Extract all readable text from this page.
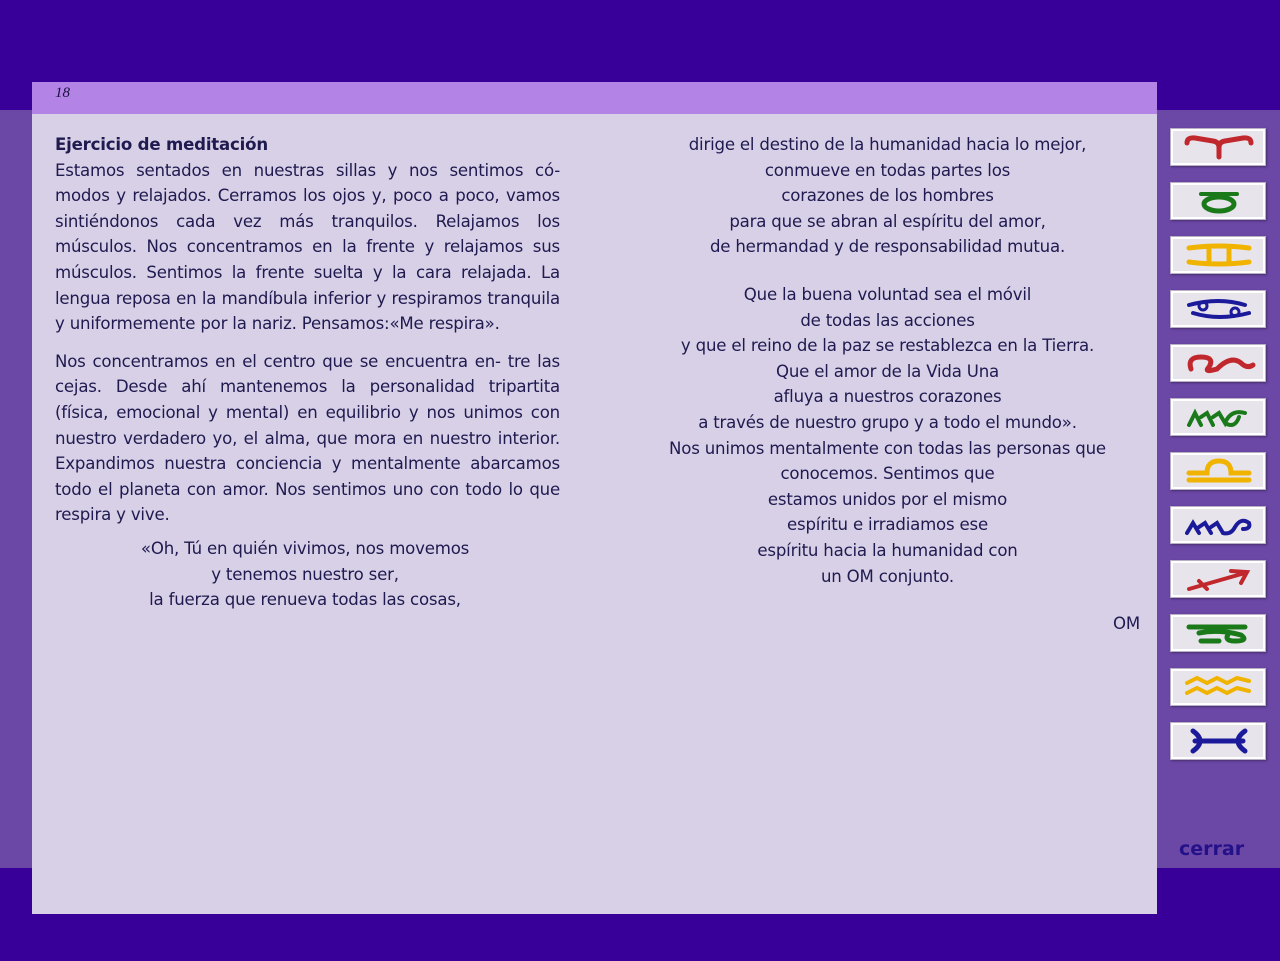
18
Ejercicio de meditación

Estamos sentados en nuestras sillas y nos sentimos có- modos y relajados. Cerramos los ojos y, poco a poco, vamos sintiéndonos cada vez más tranquilos. Relajamos los músculos. Nos concentramos en la frente y relajamos sus músculos. Sentimos la frente suelta y la cara relajada. La lengua reposa en la mandíbula inferior y respiramos tranquila y uniformemente por la nariz. Pensamos:«Me respira».

Nos concentramos en el centro que se encuentra en- tre las cejas. Desde ahí mantenemos la personalidad tripartita (física, emocional y mental) en equilibrio y nos unimos con nuestro verdadero yo, el alma, que mora en nuestro interior. Expandimos nuestra conciencia y mentalmente abarcamos todo el planeta con amor. Nos sentimos uno con todo lo que respira y vive.

«Oh, Tú en quién vivimos, nos movemos
y tenemos nuestro ser,
la fuerza que renueva todas las cosas,
dirige el destino de la humanidad hacia lo mejor,
conmueve en todas partes los
corazones de los hombres
para que se abran al espíritu del amor,
de hermandad y de responsabilidad mutua.
Que la buena voluntad sea el móvil
de todas las acciones
y que el reino de la paz se restablezca en la Tierra.
Que el amor de la Vida Una
afluya a nuestros corazones
a través de nuestro grupo y a todo el mundo».
Nos unimos mentalmente con todas las personas que
conocemos. Sentimos que
estamos unidos por el mismo
espíritu e irradiamos ese
espíritu hacia la humanidad con
un OM conjunto.
OM
cerrar
